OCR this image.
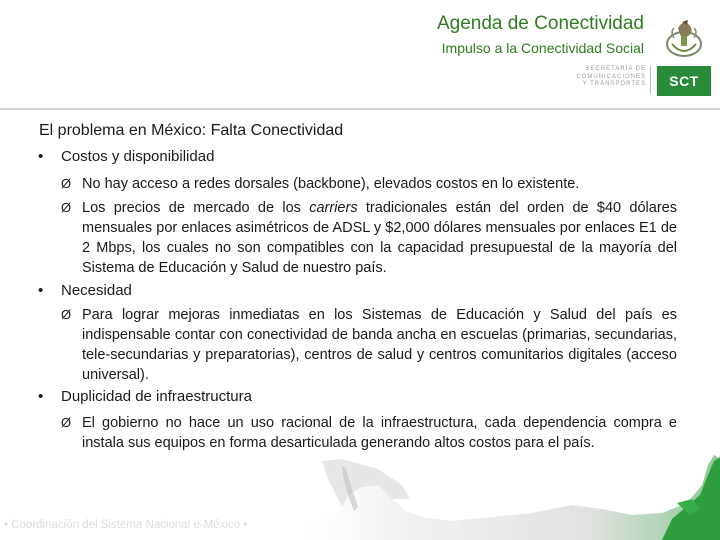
Agenda de Conectividad
Impulso a la Conectividad Social
SECRETARÍA DE
COMUNICACIONES
Y TRANSPORTES	SCT
El problema en México: Falta Conectividad
• Costos y disponibilidad
Ø No hay acceso a redes dorsales (backbone), elevados costos en lo existente.
Ø Los precios de mercado de los carriers tradicionales están del orden de $40 dólares mensuales por enlaces asimétricos de ADSL y $2,000 dólares mensuales por enlaces E1 de 2 Mbps, los cuales no son compatibles con la capacidad presupuestal de la mayoría del Sistema de Educación y Salud de nuestro país.
• Necesidad
Ø Para lograr mejoras inmediatas en los Sistemas de Educación y Salud del país es indispensable contar con conectividad de banda ancha en escuelas (primarias, secundarias, tele-secundarias y preparatorias), centros de salud y centros comunitarios digitales (acceso universal).
• Duplicidad de infraestructura
Ø El gobierno no hace un uso racional de la infraestructura, cada dependencia compra e instala sus equipos en forma desarticulada generando altos costos para el país.
• Coordinación del Sistema Nacional e-México •
